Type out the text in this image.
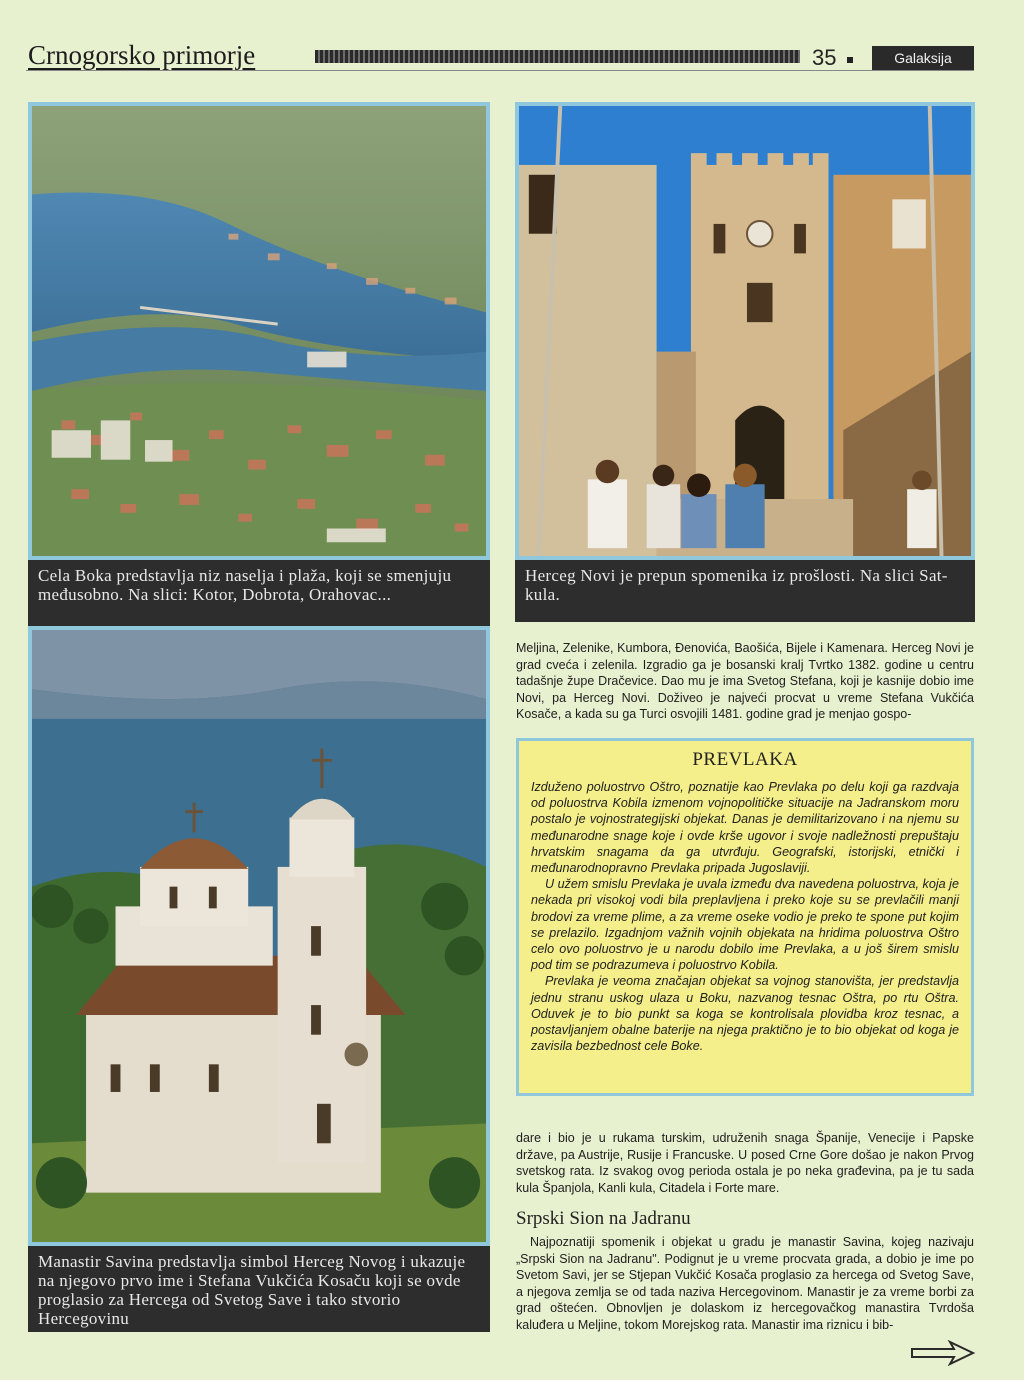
Crnogorsko primorje	35	Galaksija
Cela Boka predstavlja niz naselja i plaža, koji se smenjuju međusobno. Na slici: Kotor, Dobrota, Orahovac...
Herceg Novi je prepun spomenika iz prošlosti. Na slici Sat-kula.
Manastir Savina predstavlja simbol Herceg Novog i ukazuje na njegovo prvo ime i Stefana Vukčića Kosaču koji se ovde proglasio za Hercega od Svetog Save i tako stvorio Hercegovinu

Meljina, Zelenike, Kumbora, Đenovića, Baošića, Bijele i Kamenara. Herceg Novi je grad cveća i zelenila. Izgradio ga je bosanski kralj Tvrtko 1382. godine u centru tadašnje župe Dračevice. Dao mu je ima Svetog Stefana, koji je kasnije dobio ime Novi, pa Herceg Novi. Doživeo je najveći procvat u vreme Stefana Vukčića Kosače, a kada su ga Turci osvojili 1481. godine grad je menjao gospo-

PREVLAKA

Izduženo poluostrvo Oštro, poznatije kao Prevlaka po delu koji ga razdvaja od poluostrva Kobila izmenom vojnopolitičke situacije na Jadranskom moru postalo je vojnostrategijski objekat. Danas je demilitarizovano i na njemu su međunarodne snage koje i ovde krše ugovor i svoje nadležnosti prepuštaju hrvatskim snagama da ga utvrđuju. Geografski, istorijski, etnički i međunarodnopravno Prevlaka pripada Jugoslaviji.

U užem smislu Prevlaka je uvala između dva navedena poluostrva, koja je nekada pri visokoj vodi bila preplavljena i preko koje su se prevlačili manji brodovi za vreme plime, a za vreme oseke vodio je preko te spone put kojim se prelazilo. Izgadnjom važnih vojnih objekata na hridima poluostrva Oštro celo ovo poluostrvo je u narodu dobilo ime Prevlaka, a u još širem smislu pod tim se podrazumeva i poluostrvo Kobila.

Prevlaka je veoma značajan objekat sa vojnog stanovišta, jer predstavlja jednu stranu uskog ulaza u Boku, nazvanog tesnac Oštra, po rtu Oštra. Oduvek je to bio punkt sa koga se kontrolisala plovidba kroz tesnac, a postavljanjem obalne baterije na njega praktično je to bio objekat od koga je zavisila bezbednost cele Boke.

dare i bio je u rukama turskim, udruženih snaga Španije, Venecije i Papske države, pa Austrije, Rusije i Francuske. U posed Crne Gore došao je nakon Prvog svetskog rata. Iz svakog ovog perioda ostala je po neka građevina, pa je tu sada kula Španjola, Kanli kula, Citadela i Forte mare.

Srpski Sion na Jadranu

Najpoznatiji spomenik i objekat u gradu je manastir Savina, kojeg nazivaju „Srpski Sion na Jadranu". Podignut je u vreme procvata grada, a dobio je ime po Svetom Savi, jer se Stjepan Vukčić Kosača proglasio za hercega od Svetog Save, a njegova zemlja se od tada naziva Hercegovinom. Manastir je za vreme borbi za grad oštećen. Obnovljen je dolaskom iz hercegovačkog manastira Tvrdoša kaluđera u Meljine, tokom Morejskog rata. Manastir ima riznicu i bib-
